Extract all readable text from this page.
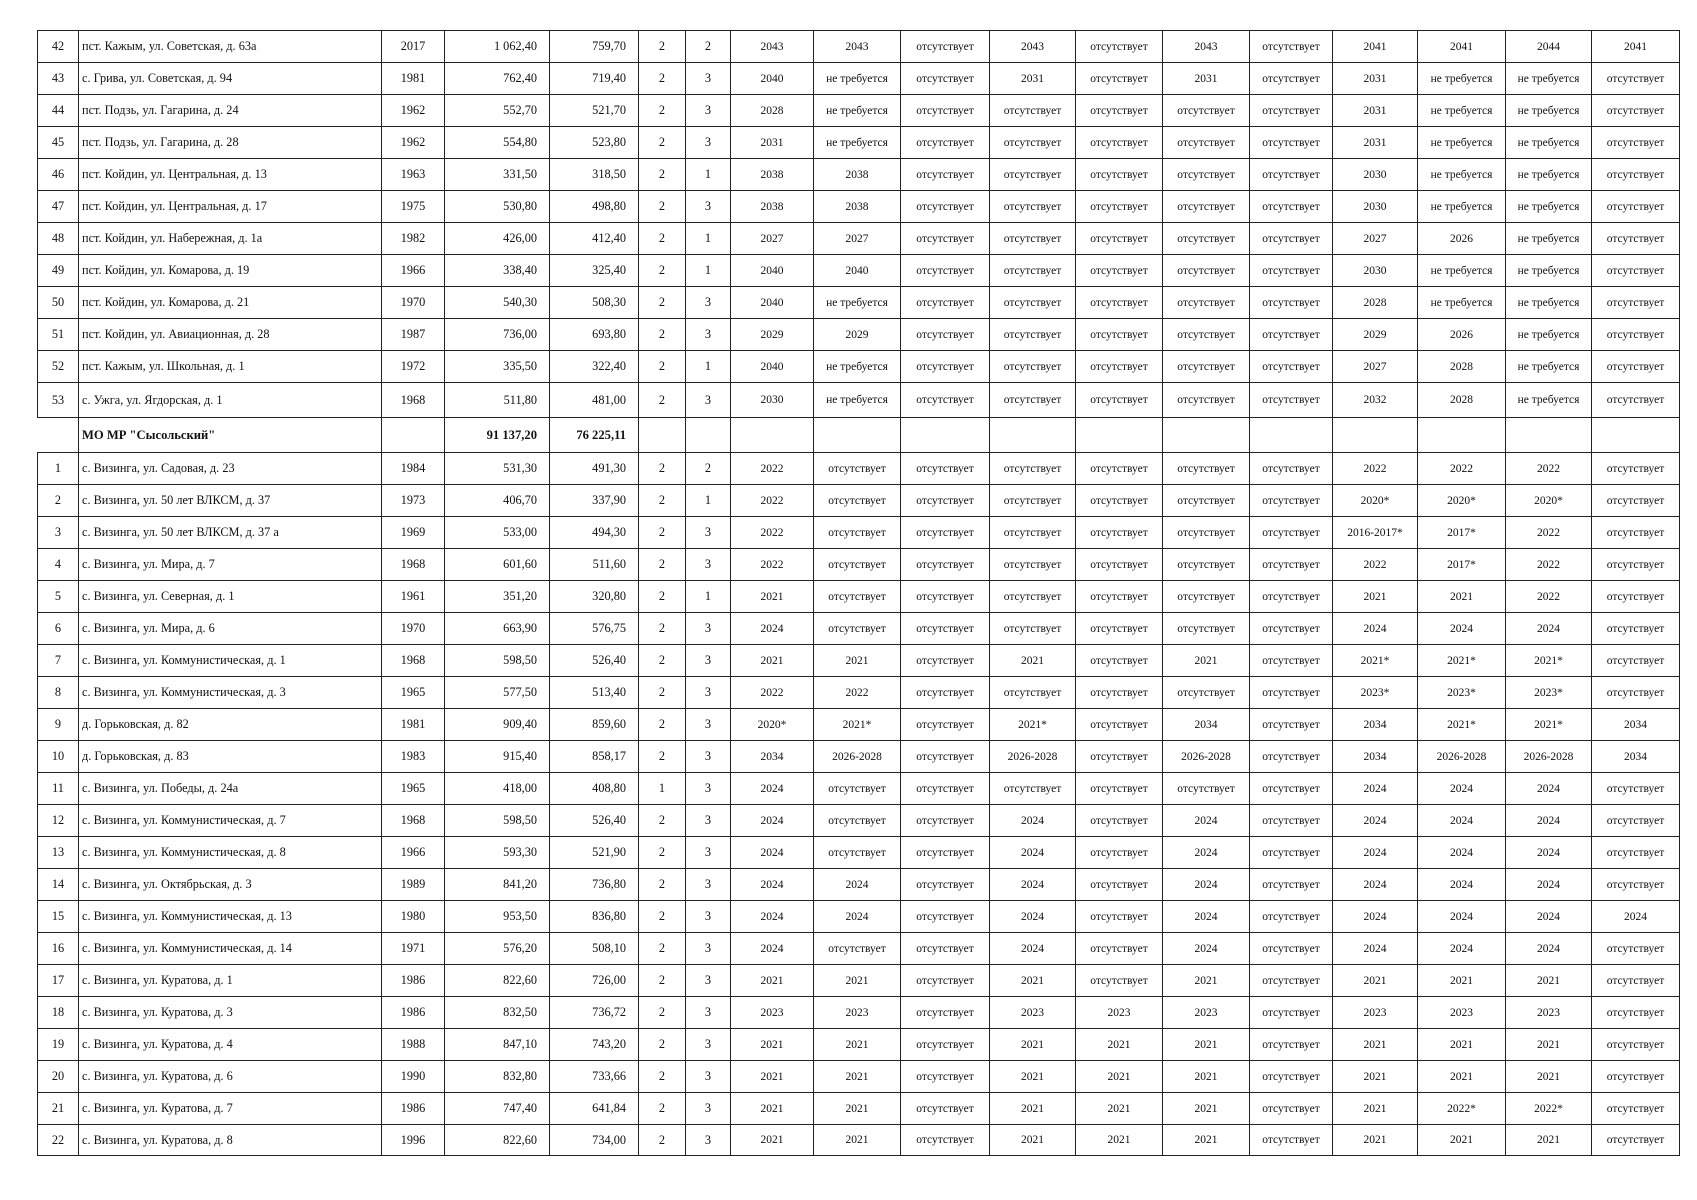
42	пст. Кажым, ул. Советская, д. 63а	2017	1 062,40	759,70	2	2	2043	2043	отсутствует	2043	отсутствует	2043	отсутствует	2041	2041	2044	2041
43	с. Грива, ул. Советская, д. 94	1981	762,40	719,40	2	3	2040	не требуется	отсутствует	2031	отсутствует	2031	отсутствует	2031	не требуется	не требуется	отсутствует
44	пст. Подзь, ул. Гагарина, д. 24	1962	552,70	521,70	2	3	2028	не требуется	отсутствует	отсутствует	отсутствует	отсутствует	отсутствует	2031	не требуется	не требуется	отсутствует
45	пст. Подзь, ул. Гагарина, д. 28	1962	554,80	523,80	2	3	2031	не требуется	отсутствует	отсутствует	отсутствует	отсутствует	отсутствует	2031	не требуется	не требуется	отсутствует
46	пст. Койдин, ул. Центральная, д. 13	1963	331,50	318,50	2	1	2038	2038	отсутствует	отсутствует	отсутствует	отсутствует	отсутствует	2030	не требуется	не требуется	отсутствует
47	пст. Койдин, ул. Центральная, д. 17	1975	530,80	498,80	2	3	2038	2038	отсутствует	отсутствует	отсутствует	отсутствует	отсутствует	2030	не требуется	не требуется	отсутствует
48	пст. Койдин, ул. Набережная, д. 1а	1982	426,00	412,40	2	1	2027	2027	отсутствует	отсутствует	отсутствует	отсутствует	отсутствует	2027	2026	не требуется	отсутствует
49	пст. Койдин, ул. Комарова, д. 19	1966	338,40	325,40	2	1	2040	2040	отсутствует	отсутствует	отсутствует	отсутствует	отсутствует	2030	не требуется	не требуется	отсутствует
50	пст. Койдин, ул. Комарова, д. 21	1970	540,30	508,30	2	3	2040	не требуется	отсутствует	отсутствует	отсутствует	отсутствует	отсутствует	2028	не требуется	не требуется	отсутствует
51	пст. Койдин, ул. Авиационная, д. 28	1987	736,00	693,80	2	3	2029	2029	отсутствует	отсутствует	отсутствует	отсутствует	отсутствует	2029	2026	не требуется	отсутствует
52	пст. Кажым, ул. Школьная, д. 1	1972	335,50	322,40	2	1	2040	не требуется	отсутствует	отсутствует	отсутствует	отсутствует	отсутствует	2027	2028	не требуется	отсутствует
53	с. Ужга, ул. Ягдорская, д. 1	1968	511,80	481,00	2	3	2030	не требуется	отсутствует	отсутствует	отсутствует	отсутствует	отсутствует	2032	2028	не требуется	отсутствует
	МО МР "Сысольский"		91 137,20	76 225,11													
1	с. Визинга, ул. Садовая, д. 23	1984	531,30	491,30	2	2	2022	отсутствует	отсутствует	отсутствует	отсутствует	отсутствует	отсутствует	2022	2022	2022	отсутствует
2	с. Визинга, ул. 50 лет ВЛКСМ, д. 37	1973	406,70	337,90	2	1	2022	отсутствует	отсутствует	отсутствует	отсутствует	отсутствует	отсутствует	2020*	2020*	2020*	отсутствует
3	с. Визинга, ул. 50 лет ВЛКСМ, д. 37 а	1969	533,00	494,30	2	3	2022	отсутствует	отсутствует	отсутствует	отсутствует	отсутствует	отсутствует	2016-2017*	2017*	2022	отсутствует
4	с. Визинга, ул. Мира, д. 7	1968	601,60	511,60	2	3	2022	отсутствует	отсутствует	отсутствует	отсутствует	отсутствует	отсутствует	2022	2017*	2022	отсутствует
5	с. Визинга, ул. Северная, д. 1	1961	351,20	320,80	2	1	2021	отсутствует	отсутствует	отсутствует	отсутствует	отсутствует	отсутствует	2021	2021	2022	отсутствует
6	с. Визинга, ул. Мира, д. 6	1970	663,90	576,75	2	3	2024	отсутствует	отсутствует	отсутствует	отсутствует	отсутствует	отсутствует	2024	2024	2024	отсутствует
7	с. Визинга, ул. Коммунистическая, д. 1	1968	598,50	526,40	2	3	2021	2021	отсутствует	2021	отсутствует	2021	отсутствует	2021*	2021*	2021*	отсутствует
8	с. Визинга, ул. Коммунистическая, д. 3	1965	577,50	513,40	2	3	2022	2022	отсутствует	отсутствует	отсутствует	отсутствует	отсутствует	2023*	2023*	2023*	отсутствует
9	д. Горьковская, д. 82	1981	909,40	859,60	2	3	2020*	2021*	отсутствует	2021*	отсутствует	2034	отсутствует	2034	2021*	2021*	2034
10	д. Горьковская, д. 83	1983	915,40	858,17	2	3	2034	2026-2028	отсутствует	2026-2028	отсутствует	2026-2028	отсутствует	2034	2026-2028	2026-2028	2034
11	с. Визинга, ул. Победы, д. 24а	1965	418,00	408,80	1	3	2024	отсутствует	отсутствует	отсутствует	отсутствует	отсутствует	отсутствует	2024	2024	2024	отсутствует
12	с. Визинга, ул. Коммунистическая, д. 7	1968	598,50	526,40	2	3	2024	отсутствует	отсутствует	2024	отсутствует	2024	отсутствует	2024	2024	2024	отсутствует
13	с. Визинга, ул. Коммунистическая, д. 8	1966	593,30	521,90	2	3	2024	отсутствует	отсутствует	2024	отсутствует	2024	отсутствует	2024	2024	2024	отсутствует
14	с. Визинга, ул. Октябрьская, д. 3	1989	841,20	736,80	2	3	2024	2024	отсутствует	2024	отсутствует	2024	отсутствует	2024	2024	2024	отсутствует
15	с. Визинга, ул. Коммунистическая, д. 13	1980	953,50	836,80	2	3	2024	2024	отсутствует	2024	отсутствует	2024	отсутствует	2024	2024	2024	2024
16	с. Визинга, ул. Коммунистическая, д. 14	1971	576,20	508,10	2	3	2024	отсутствует	отсутствует	2024	отсутствует	2024	отсутствует	2024	2024	2024	отсутствует
17	с. Визинга, ул. Куратова, д. 1	1986	822,60	726,00	2	3	2021	2021	отсутствует	2021	отсутствует	2021	отсутствует	2021	2021	2021	отсутствует
18	с. Визинга, ул. Куратова, д. 3	1986	832,50	736,72	2	3	2023	2023	отсутствует	2023	2023	2023	отсутствует	2023	2023	2023	отсутствует
19	с. Визинга, ул. Куратова, д. 4	1988	847,10	743,20	2	3	2021	2021	отсутствует	2021	2021	2021	отсутствует	2021	2021	2021	отсутствует
20	с. Визинга, ул. Куратова, д. 6	1990	832,80	733,66	2	3	2021	2021	отсутствует	2021	2021	2021	отсутствует	2021	2021	2021	отсутствует
21	с. Визинга, ул. Куратова, д. 7	1986	747,40	641,84	2	3	2021	2021	отсутствует	2021	2021	2021	отсутствует	2021	2022*	2022*	отсутствует
22	с. Визинга, ул. Куратова, д. 8	1996	822,60	734,00	2	3	2021	2021	отсутствует	2021	2021	2021	отсутствует	2021	2021	2021	отсутствует
